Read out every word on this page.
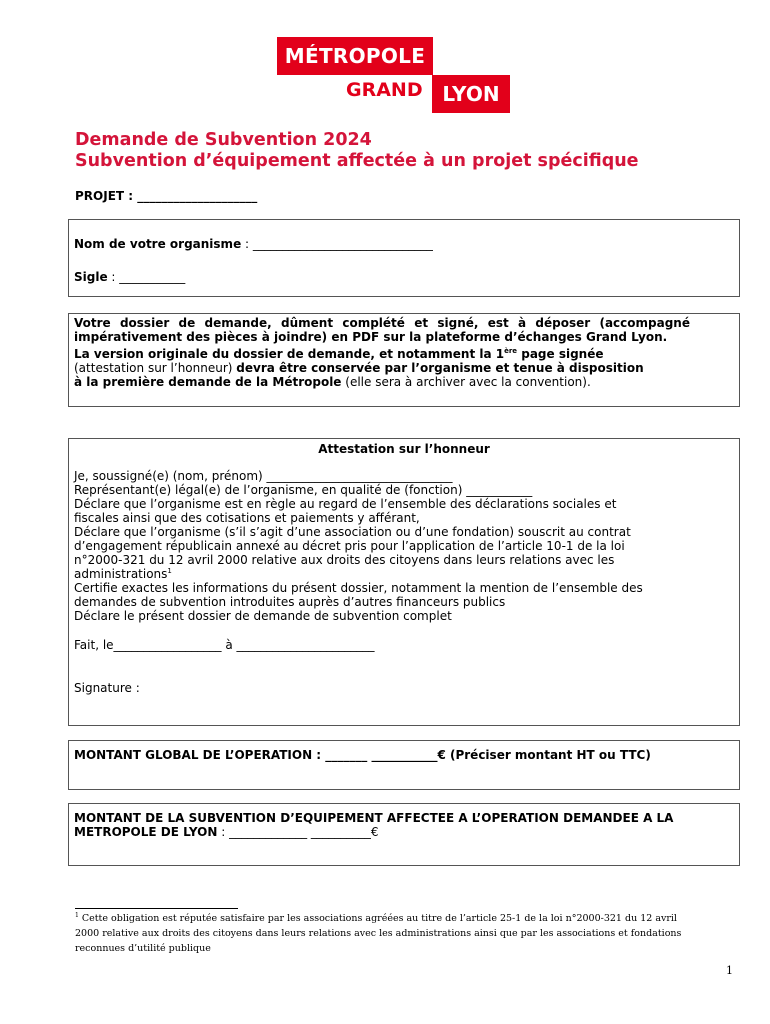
MÉTROPOLE
GRAND LYON
Demande de Subvention 2024
Subvention d’équipement affectée à un projet spécifique
PROJET : ____________________
Nom de votre organisme : ______________________________
Sigle : ___________
Votre dossier de demande, dûment complété et signé, est à déposer (accompagné impérativement des pièces à joindre) en PDF sur la plateforme d’échanges Grand Lyon.
La version originale du dossier de demande, et notamment la 1ère page signée
(attestation sur l’honneur) devra être conservée par l’organisme et tenue à disposition
à la première demande de la Métropole (elle sera à archiver avec la convention).
Attestation sur l’honneur
Je, soussigné(e) (nom, prénom) _______________________________
Représentant(e) légal(e) de l’organisme, en qualité de (fonction) ___________
Déclare que l’organisme est en règle au regard de l’ensemble des déclarations sociales et
fiscales ainsi que des cotisations et paiements y afférant,
Déclare que l’organisme (s’il s’agit d’une association ou d’une fondation) souscrit au contrat
d’engagement républicain annexé au décret pris pour l’application de l’article 10-1 de la loi
n°2000-321 du 12 avril 2000 relative aux droits des citoyens dans leurs relations avec les
administrations$^1$
Certifie exactes les informations du présent dossier, notamment la mention de l’ensemble des
demandes de subvention introduites auprès d’autres financeurs publics
Déclare le présent dossier de demande de subvention complet
Fait, le__________________ à _______________________
Signature :
MONTANT GLOBAL DE L’OPERATION : _______ ___________€ (Préciser montant HT ou TTC)
MONTANT DE LA SUBVENTION D’EQUIPEMENT AFFECTEE A L’OPERATION DEMANDEE A LA
METROPOLE DE LYON : _____________ __________€
$^1$ Cette obligation est réputée satisfaire par les associations agréées au titre de l’article 25-1 de la loi n°2000-321 du 12 avril
2000 relative aux droits des citoyens dans leurs relations avec les administrations ainsi que par les associations et fondations
reconnues d’utilité publique
1
